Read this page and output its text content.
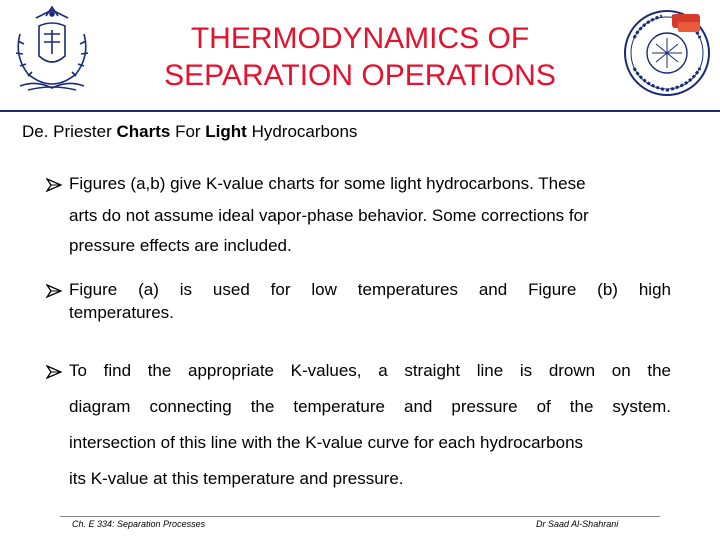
THERMODYNAMICS OF
SEPARATION OPERATIONS
De. Priester Charts For Light Hydrocarbons
Figures (a,b) give K-value charts for some light hydrocarbons. These
arts do not assume ideal vapor-phase behavior. Some corrections for
pressure effects are included.
Figure (a) is used for low temperatures and Figure (b) high
temperatures.
To find the appropriate K-values, a straight line is drown on the
diagram connecting the temperature and pressure of the system.
intersection of this line with the K-value curve for each hydrocarbons
its K-value at this temperature and pressure.
Ch. E 334: Separation Processes	Dr Saad Al-Shahrani
